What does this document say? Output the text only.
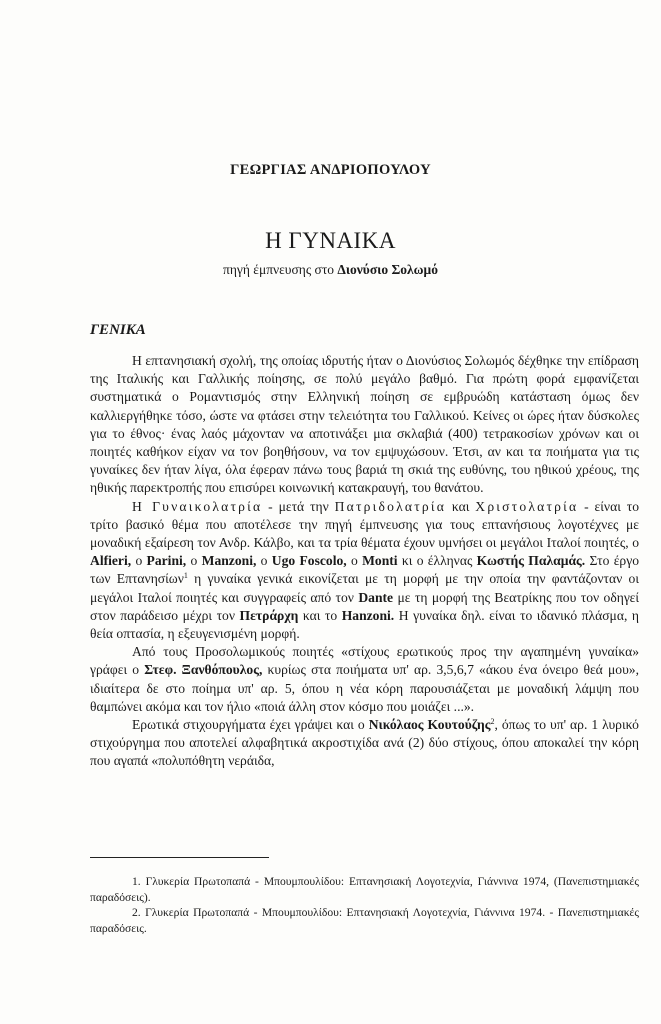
ΓΕΩΡΓΙΑΣ ΑΝΔΡΙΟΠΟΥΛΟΥ
Η ΓΥΝΑΙΚΑ
πηγή έμπνευσης στο Διονύσιο Σολωμό
ΓΕΝΙΚΑ

Η επτανησιακή σχολή, της οποίας ιδρυτής ήταν ο Διονύσιος Σολωμός δέχθηκε την επίδραση της Ιταλικής και Γαλλικής ποίησης, σε πολύ μεγάλο βαθμό. Για πρώτη φορά εμφανίζεται συστηματικά ο Ρομαντισμός στην Ελληνική ποίηση σε εμβρυώδη κατάσταση όμως δεν καλλιεργήθηκε τόσο, ώστε να φτάσει στην τελειότητα του Γαλλικού. Κείνες οι ώρες ήταν δύσκολες για το έθνος· ένας λαός μάχονταν να αποτινάξει μια σκλαβιά (400) τετρακοσίων χρόνων και οι ποιητές καθήκον είχαν να τον βοηθήσουν, να τον εμψυχώσουν. Έτσι, αν και τα ποιήματα για τις γυναίκες δεν ήταν λίγα, όλα έφεραν πάνω τους βαριά τη σκιά της ευθύνης, του ηθικού χρέους, της ηθικής παρεκτροπής που επισύρει κοινωνική κατακραυγή, του θανάτου.

Η Γυναικολατρία - μετά την Πατριδολατρία και Χριστολατρία - είναι το τρίτο βασικό θέμα που αποτέλεσε την πηγή έμπνευσης για τους επτανήσιους λογοτέχνες με μοναδική εξαίρεση τον Ανδρ. Κάλβο, και τα τρία θέματα έχουν υμνήσει οι μεγάλοι Ιταλοί ποιητές, ο Alfieri, ο Parini, ο Manzoni, ο Ugo Foscolo, ο Monti κι ο έλληνας Κωστής Παλαμάς. Στο έργο των Επτανησίων$^1$ η γυναίκα γενικά εικονίζεται με τη μορφή με την οποία την φαντάζονταν οι μεγάλοι Ιταλοί ποιητές και συγγραφείς από τον Dante με τη μορφή της Βεατρίκης που τον οδηγεί στον παράδεισο μέχρι τον Πετράρχη και το Hanzoni. Η γυναίκα δηλ. είναι το ιδανικό πλάσμα, η θεία οπτασία, η εξευγενισμένη μορφή.

Από τους Προσολωμικούς ποιητές «στίχους ερωτικούς προς την αγαπημένη γυναίκα» γράφει ο Στεφ. Ξανθόπουλος, κυρίως στα ποιήματα υπ' αρ. 3,5,6,7 «άκου ένα όνειρο θεά μου», ιδιαίτερα δε στο ποίημα υπ' αρ. 5, όπου η νέα κόρη παρουσιάζεται με μοναδική λάμψη που θαμπώνει ακόμα και τον ήλιο «ποιά άλλη στον κόσμο που μοιάζει ...».

Ερωτικά στιχουργήματα έχει γράψει και ο Νικόλαος Κουτούζης$^2$, όπως το υπ' αρ. 1 λυρικό στιχούργημα που αποτελεί αλφαβητικά ακροστιχίδα ανά (2) δύο στίχους, όπου αποκαλεί την κόρη που αγαπά «πολυπόθητη νεράιδα,

1. Γλυκερία Πρωτοπαπά - Μπουμπουλίδου: Επτανησιακή Λογοτεχνία, Γιάννινα 1974, (Πανεπιστημιακές παραδόσεις).

2. Γλυκερία Πρωτοπαπά - Μπουμπουλίδου: Επτανησιακή Λογοτεχνία, Γιάννινα 1974. - Πανεπιστημιακές παραδόσεις.
